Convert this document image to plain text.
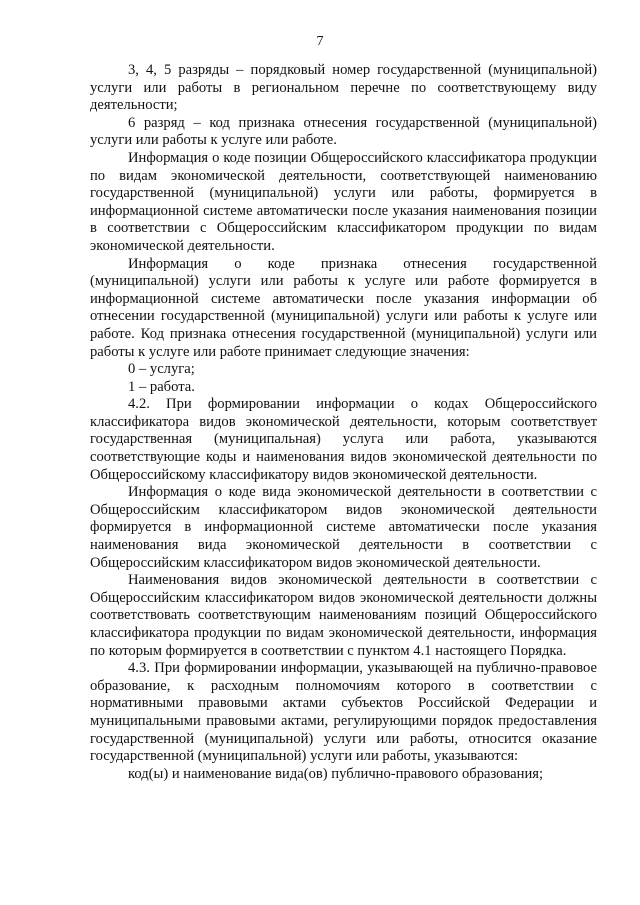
7

3, 4, 5 разряды – порядковый номер государственной (муниципальной) услуги или работы в региональном перечне по соответствующему виду деятельности;

6 разряд – код признака отнесения государственной (муниципальной) услуги или работы к услуге или работе.

Информация о коде позиции Общероссийского классификатора продукции по видам экономической деятельности, соответствующей наименованию государственной (муниципальной) услуги или работы, формируется в информационной системе автоматически после указания наименования позиции в соответствии с Общероссийским классификатором продукции по видам экономической деятельности.

Информация о коде признака отнесения государственной (муниципальной) услуги или работы к услуге или работе формируется в информационной системе автоматически после указания информации об отнесении государственной (муниципальной) услуги или работы к услуге или работе. Код признака отнесения государственной (муниципальной) услуги или работы к услуге или работе принимает следующие значения:

0 – услуга;

1 – работа.

4.2. При формировании информации о кодах Общероссийского классификатора видов экономической деятельности, которым соответствует государственная (муниципальная) услуга или работа, указываются соответствующие коды и наименования видов экономической деятельности по Общероссийскому классификатору видов экономической деятельности.

Информация о коде вида экономической деятельности в соответствии с Общероссийским классификатором видов экономической деятельности формируется в информационной системе автоматически после указания наименования вида экономической деятельности в соответствии с Общероссийским классификатором видов экономической деятельности.

Наименования видов экономической деятельности в соответствии с Общероссийским классификатором видов экономической деятельности должны соответствовать соответствующим наименованиям позиций Общероссийского классификатора продукции по видам экономической деятельности, информация по которым формируется в соответствии с пунктом 4.1 настоящего Порядка.

4.3. При формировании информации, указывающей на публично-правовое образование, к расходным полномочиям которого в соответствии с нормативными правовыми актами субъектов Российской Федерации и муниципальными правовыми актами, регулирующими порядок предоставления государственной (муниципальной) услуги или работы, относится оказание государственной (муниципальной) услуги или работы, указываются:

код(ы) и наименование вида(ов) публично-правового образования;
